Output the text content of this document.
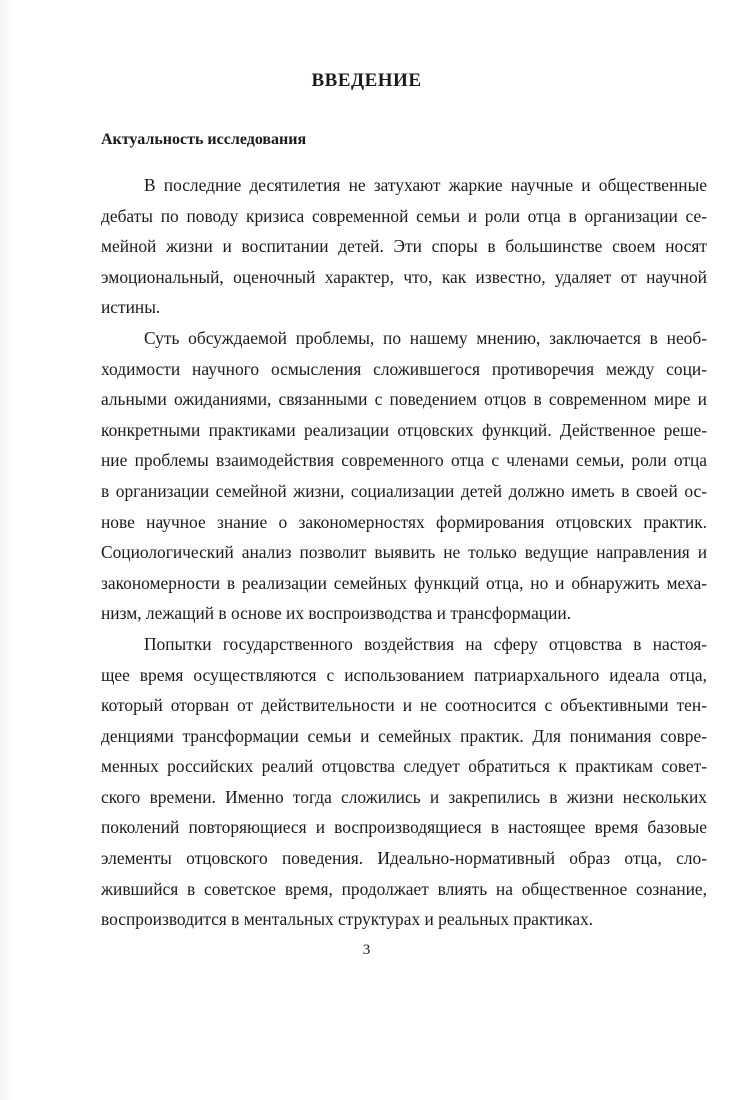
ВВЕДЕНИЕ
Актуальность исследования
В последние десятилетия не затухают жаркие научные и общественные
дебаты по поводу кризиса современной семьи и роли отца в организации се-
мейной жизни и воспитании детей. Эти споры в большинстве своем носят
эмоциональный, оценочный характер, что, как известно, удаляет от научной
истины.
Суть обсуждаемой проблемы, по нашему мнению, заключается в необ-
ходимости научного осмысления сложившегося противоречия между соци-
альными ожиданиями, связанными с поведением отцов в современном мире и
конкретными практиками реализации отцовских функций. Действенное реше-
ние проблемы взаимодействия современного отца с членами семьи, роли отца
в организации семейной жизни, социализации детей должно иметь в своей ос-
нове научное знание о закономерностях формирования отцовских практик.
Социологический анализ позволит выявить не только ведущие направления и
закономерности в реализации семейных функций отца, но и обнаружить меха-
низм, лежащий в основе их воспроизводства и трансформации.
Попытки государственного воздействия на сферу отцовства в настоя-
щее время осуществляются с использованием патриархального идеала отца,
который оторван от действительности и не соотносится с объективными тен-
денциями трансформации семьи и семейных практик. Для понимания совре-
менных российских реалий отцовства следует обратиться к практикам совет-
ского времени. Именно тогда сложились и закрепились в жизни нескольких
поколений повторяющиеся и воспроизводящиеся в настоящее время базовые
элементы отцовского поведения. Идеально-нормативный образ отца, сло-
жившийся в советское время, продолжает влиять на общественное сознание,
воспроизводится в ментальных структурах и реальных практиках.
3
